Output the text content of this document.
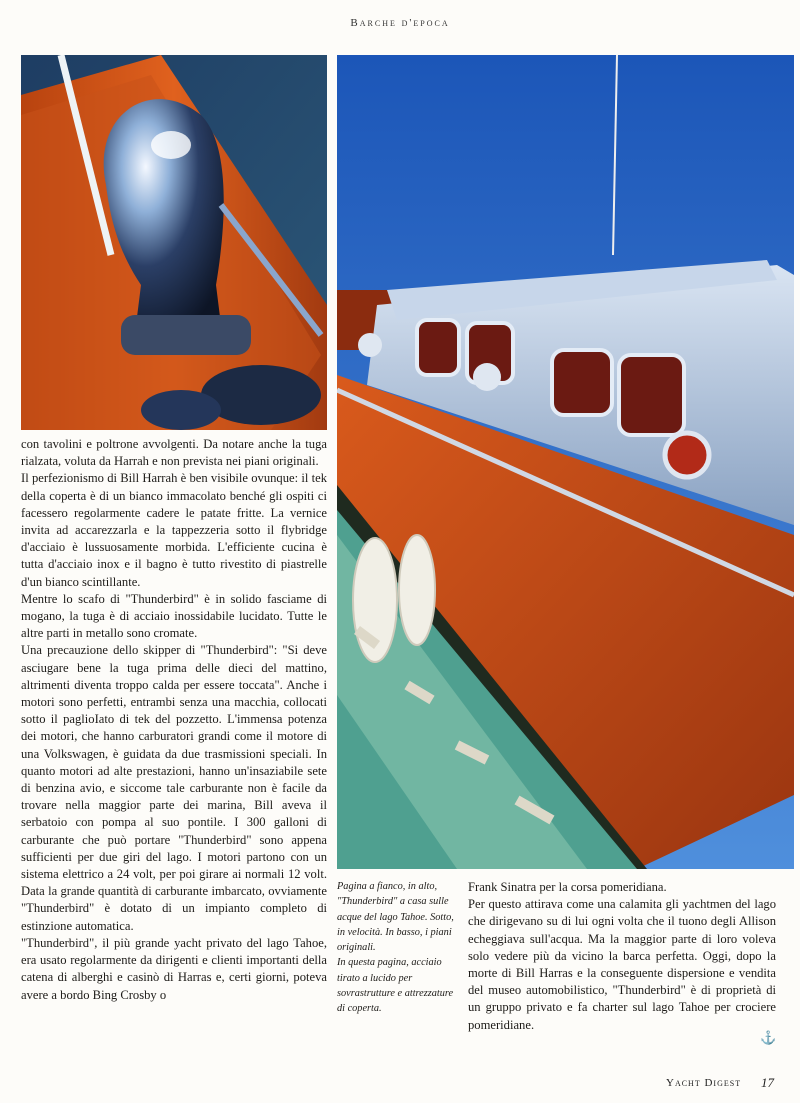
Barche d'epoca

con tavolini e poltrone avvolgenti. Da notare anche la tuga rialzata, voluta da Harrah e non prevista nei piani originali.

Il perfezionismo di Bill Harrah è ben visibile ovunque: il tek della coperta è di un bianco immacolato benché gli ospiti ci facessero regolarmente cadere le patate fritte. La vernice invita ad accarezzarla e la tappezzeria sotto il flybridge d'acciaio è lussuosamente morbida. L'efficiente cucina è tutta d'acciaio inox e il bagno è tutto rivestito di piastrelle d'un bianco scintillante.

Mentre lo scafo di "Thunderbird" è in solido fasciame di mogano, la tuga è di acciaio inossidabile lucidato. Tutte le altre parti in metallo sono cromate.

Una precauzione dello skipper di "Thunderbird": "Si deve asciugare bene la tuga prima delle dieci del mattino, altrimenti diventa troppo calda per essere toccata". Anche i motori sono perfetti, entrambi senza una macchia, collocati sotto il paglioIato di tek del pozzetto. L'immensa potenza dei motori, che hanno carburatori grandi come il motore di una Volkswagen, è guidata da due trasmissioni speciali. In quanto motori ad alte prestazioni, hanno un'insaziabile sete di benzina avio, e siccome tale carburante non è facile da trovare nella maggior parte dei marina, Bill aveva il serbatoio con pompa al suo pontile. I 300 galloni di carburante che può portare "Thunderbird" sono appena sufficienti per due giri del lago. I motori partono con un sistema elettrico a 24 volt, per poi girare ai normali 12 volt. Data la grande quantità di carburante imbarcato, ovviamente "Thunderbird" è dotato di un impianto completo di estinzione automatica.

"Thunderbird", il più grande yacht privato del lago Tahoe, era usato regolarmente da dirigenti e clienti importanti della catena di alberghi e casinò di Harras e, certi giorni, poteva avere a bordo Bing Crosby o

Pagina a fianco, in alto, "Thunderbird" a casa sulle acque del lago Tahoe. Sotto, in velocità. In basso, i piani originali.

In questa pagina, acciaio tirato a lucido per sovrastrutture e attrezzature di coperta.

Frank Sinatra per la corsa pomeridiana.

Per questo attirava come una calamita gli yachtmen del lago che dirigevano su di lui ogni volta che il tuono degli Allison echeggiava sull'acqua. Ma la maggior parte di loro voleva solo vedere più da vicino la barca perfetta. Oggi, dopo la morte di Bill Harras e la conseguente dispersione e vendita del museo automobilistico, "Thunderbird" è di proprietà di un gruppo privato e fa charter sul lago Tahoe per crociere pomeridiane.

⚓
Yacht Digest 17
